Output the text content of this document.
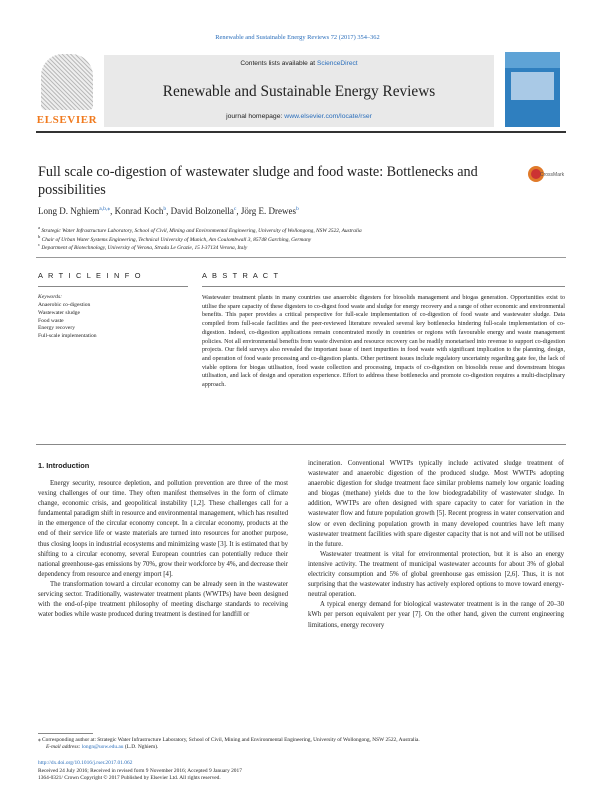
Renewable and Sustainable Energy Reviews 72 (2017) 354–362
ELSEVIER
Contents lists available at ScienceDirect
Renewable and Sustainable Energy Reviews
journal homepage: www.elsevier.com/locate/rser
Full scale co-digestion of wastewater sludge and food waste: Bottlenecks and possibilities
CrossMark
Long D. Nghiem$^{a,b,⁎}$, Konrad Koch$^b$, David Bolzonella$^c$, Jörg E. Drewes$^b$
$^a$ Strategic Water Infrastructure Laboratory, School of Civil, Mining and Environmental Engineering, University of Wollongong, NSW 2522, Australia
$^b$ Chair of Urban Water Systems Engineering, Technical University of Munich, Am Coulombwall 3, 85748 Garching, Germany
$^c$ Department of Biotechnology, University of Verona, Strada Le Grazie, 15 I-37134 Verona, Italy
A R T I C L E I N F O	A B S T R A C T
Keywords:
Anaerobic co-digestion
Wastewater sludge
Food waste
Energy recovery
Full-scale implementation
Wastewater treatment plants in many countries use anaerobic digesters for biosolids management and biogas generation. Opportunities exist to utilise the spare capacity of these digesters to co-digest food waste and sludge for energy recovery and a range of other economic and environmental benefits. This paper provides a critical perspective for full-scale implementation of co-digestion of food waste and wastewater sludge. Data compiled from full-scale facilities and the peer-reviewed literature revealed several key bottlenecks hindering full-scale implementation of co-digestion. Indeed, co-digestion applications remain concentrated mostly in countries or regions with favourable energy and waste management policies. Not all environmental benefits from waste diversion and resource recovery can be readily monetarised into revenue to support co-digestion projects. Our field surveys also revealed the important issue of inert impurities in food waste with significant implication to the planning, design, and operation of food waste processing and co-digestion plants. Other pertinent issues include regulatory uncertainty regarding gate fee, the lack of viable options for biogas utilisation, food waste collection and processing, impacts of co-digestion on biosolids reuse and downstream biogas utilisation, and lack of design and operation experience. Effort to address these bottlenecks and promote co-digestion requires a multi-disciplinary approach.
1. Introduction

Energy security, resource depletion, and pollution prevention are three of the most vexing challenges of our time. They often manifest themselves in the form of climate change, economic crisis, and geopolitical instability [1,2]. These challenges call for a fundamental paradigm shift in resource and environmental management, which has resulted in the emergence of the circular economy concept. In a circular economy, products at the end of their service life or waste materials are turned into resources for another purpose, thus closing loops in industrial ecosystems and minimizing waste [3]. It is estimated that by shifting to a circular economy, several European countries can potentially reduce their national greenhouse-gas emissions by 70%, grow their workforce by 4%, and decrease their dependency from resource and energy import [4].

The transformation toward a circular economy can be already seen in the wastewater servicing sector. Traditionally, wastewater treatment plants (WWTPs) have been designed with the end-of-pipe treatment philosophy of meeting discharge standards to receiving water bodies while waste produced during treatment is destined for landfill or

incineration. Conventional WWTPs typically include activated sludge treatment of wastewater and anaerobic digestion of the produced sludge. Most WWTPs adopting anaerobic digestion for sludge treatment face similar problems namely low organic loading and biogas (methane) yields due to the low biodegradability of wastewater sludge. In addition, WWTPs are often designed with spare capacity to cater for variation in the wastewater flow and future population growth [5]. Recent progress in water conservation and slow or even declining population growth in many developed countries have left many wastewater treatment facilities with spare digester capacity that is not and will not be utilised in the future.

Wastewater treatment is vital for environmental protection, but it is also an energy intensive activity. The treatment of municipal wastewater accounts for about 3% of global electricity consumption and 5% of global greenhouse gas emission [2,6]. Thus, it is not surprising that the wastewater industry has actively explored options to move toward energy-neutral operation.

A typical energy demand for biological wastewater treatment is in the range of 20–30 kWh per person equivalent per year [7]. On the other hand, given the current engineering limitations, energy recovery

⁎ Corresponding author at: Strategic Water Infrastructure Laboratory, School of Civil, Mining and Environmental Engineering, University of Wollongong, NSW 2522, Australia.
E-mail address: longn@uow.edu.au (L.D. Nghiem).
http://dx.doi.org/10.1016/j.rser.2017.01.062
Received 24 July 2016; Received in revised form 9 November 2016; Accepted 9 January 2017
1364-0321/ Crown Copyright © 2017 Published by Elsevier Ltd. All rights reserved.
